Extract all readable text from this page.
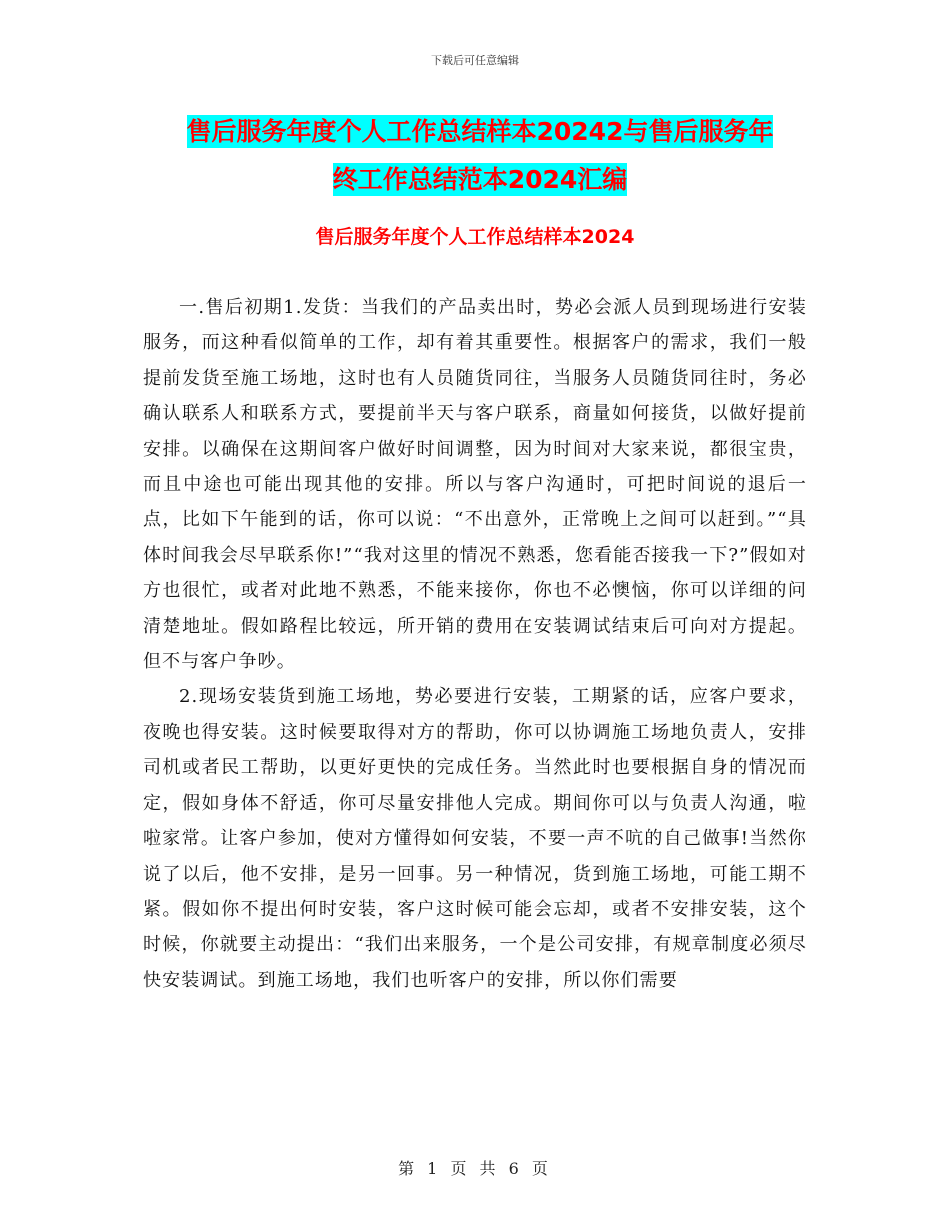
下载后可任意编辑
售后服务年度个人工作总结样本20242与售后服务年
终工作总结范本2024汇编
售后服务年度个人工作总结样本2024

一.售后初期1.发货：当我们的产品卖出时，势必会派人员到现场进行安装服务，而这种看似简单的工作，却有着其重要性。根据客户的需求，我们一般提前发货至施工场地，这时也有人员随货同往，当服务人员随货同往时，务必确认联系人和联系方式，要提前半天与客户联系，商量如何接货，以做好提前安排。以确保在这期间客户做好时间调整，因为时间对大家来说，都很宝贵，而且中途也可能出现其他的安排。所以与客户沟通时，可把时间说的退后一点，比如下午能到的话，你可以说：“不出意外，正常晚上之间可以赶到。”“具体时间我会尽早联系你!”“我对这里的情况不熟悉，您看能否接我一下?”假如对方也很忙，或者对此地不熟悉，不能来接你，你也不必懊恼，你可以详细的问清楚地址。假如路程比较远，所开销的费用在安装调试结束后可向对方提起。但不与客户争吵。

2.现场安装货到施工场地，势必要进行安装，工期紧的话，应客户要求，夜晚也得安装。这时候要取得对方的帮助，你可以协调施工场地负责人，安排司机或者民工帮助，以更好更快的完成任务。当然此时也要根据自身的情况而定，假如身体不舒适，你可尽量安排他人完成。期间你可以与负责人沟通，啦啦家常。让客户参加，使对方懂得如何安装，不要一声不吭的自己做事!当然你说了以后，他不安排，是另一回事。另一种情况，货到施工场地，可能工期不紧。假如你不提出何时安装，客户这时候可能会忘却，或者不安排安装，这个时候，你就要主动提出：“我们出来服务，一个是公司安排，有规章制度必须尽快安装调试。到施工场地，我们也听客户的安排，所以你们需要

第 1 页 共 6 页
